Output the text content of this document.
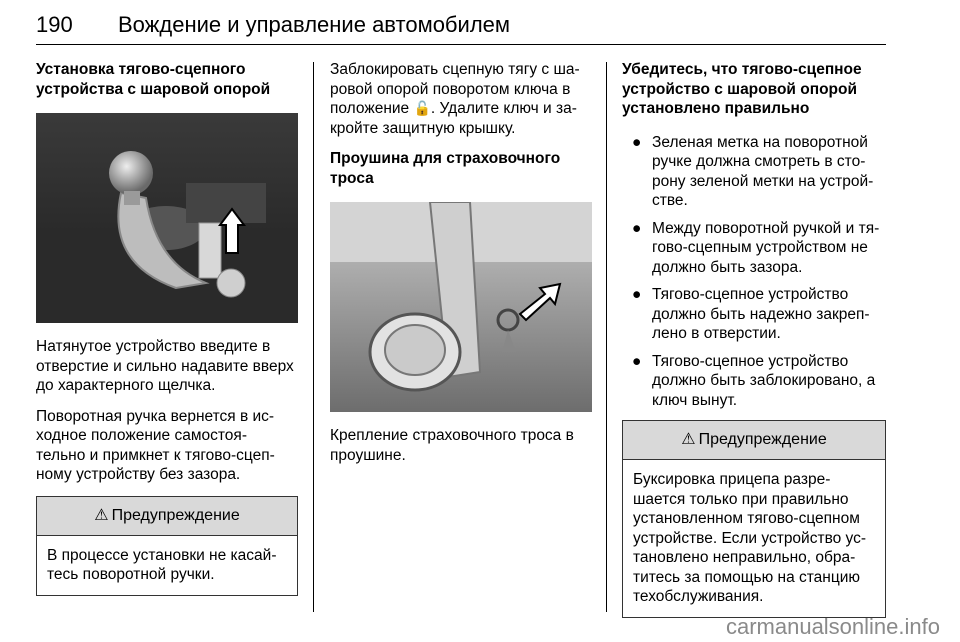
190 Вождение и управление автомобилем
Установка тягово-сцепного устройства с шаровой опорой

Натянутое устройство введите в отверстие и сильно надавите вверх до характерного щелчка.

Поворотная ручка вернется в ис- ходное положение самостоя- тельно и примкнет к тягово-сцеп- ному устройству без зазора.

⚠ Предупреждение
В процессе установки не касай- тесь поворотной ручки.

Заблокировать сцепную тягу с ша- ровой опорой поворотом ключа в положение 🔓. Удалите ключ и за- кройте защитную крышку.

Проушина для страховочного троса

Крепление страховочного троса в проушине.

Убедитесь, что тягово-сцепное устройство с шаровой опорой установлено правильно
● Зеленая метка на поворотной ручке должна смотреть в сто- рону зеленой метки на устрой- стве.
● Между поворотной ручкой и тя- гово-сцепным устройством не должно быть зазора.
● Тягово-сцепное устройство должно быть надежно закреп- лено в отверстии.
● Тягово-сцепное устройство должно быть заблокировано, а ключ вынут.
⚠ Предупреждение
Буксировка прицепа разре- шается только при правильно установленном тягово-сцепном устройстве. Если устройство ус- тановлено неправильно, обра- титесь за помощью на станцию техобслуживания.
carmanualsonline.info
